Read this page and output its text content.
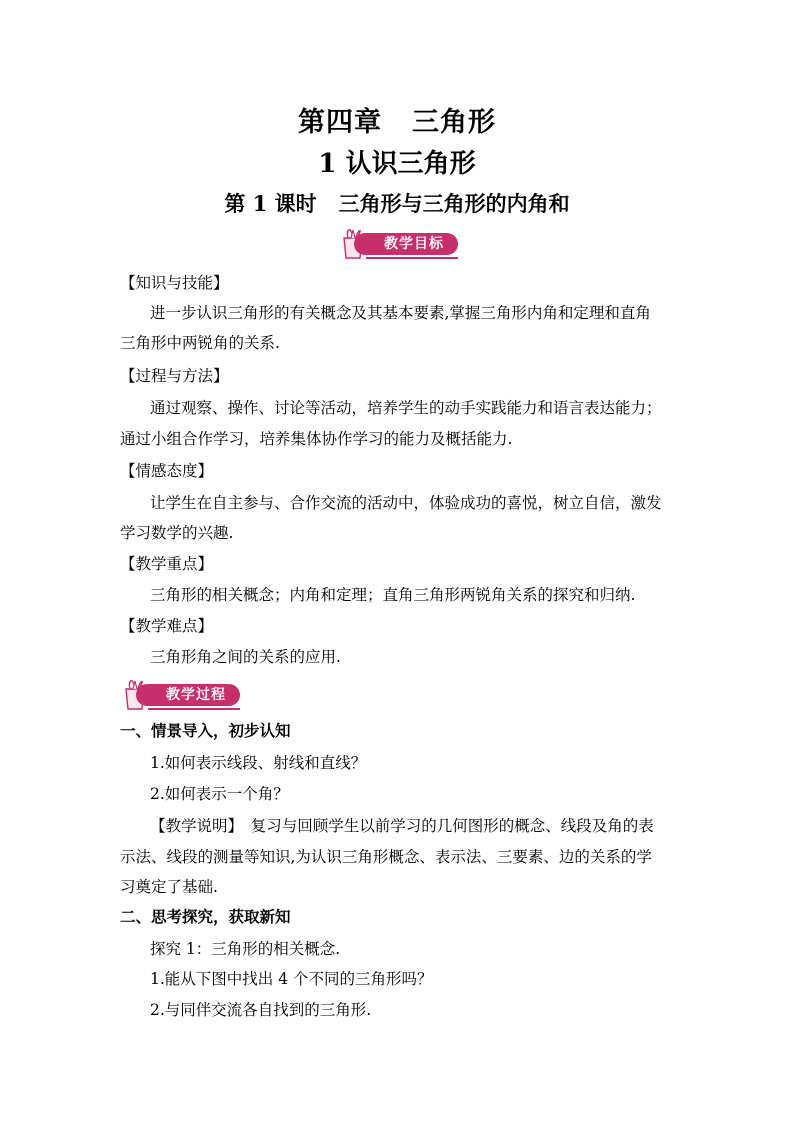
第四章 三角形
1 认识三角形
第 1 课时 三角形与三角形的内角和
教学目标
【知识与技能】
进一步认识三角形的有关概念及其基本要素,掌握三角形内角和定理和直角
三角形中两锐角的关系.
【过程与方法】
通过观察、操作、讨论等活动，培养学生的动手实践能力和语言表达能力；
通过小组合作学习，培养集体协作学习的能力及概括能力.
【情感态度】
让学生在自主参与、合作交流的活动中，体验成功的喜悦，树立自信，激发
学习数学的兴趣.
【教学重点】
三角形的相关概念；内角和定理；直角三角形两锐角关系的探究和归纳.
【教学难点】
三角形角之间的关系的应用.
教学过程
一、情景导入，初步认知
1.如何表示线段、射线和直线？
2.如何表示一个角？
【教学说明】　复习与回顾学生以前学习的几何图形的概念、线段及角的表
示法、线段的测量等知识,为认识三角形概念、表示法、三要素、边的关系的学
习奠定了基础.
二、思考探究，获取新知
探究 1：三角形的相关概念.
1.能从下图中找出 4 个不同的三角形吗？
2.与同伴交流各自找到的三角形.
